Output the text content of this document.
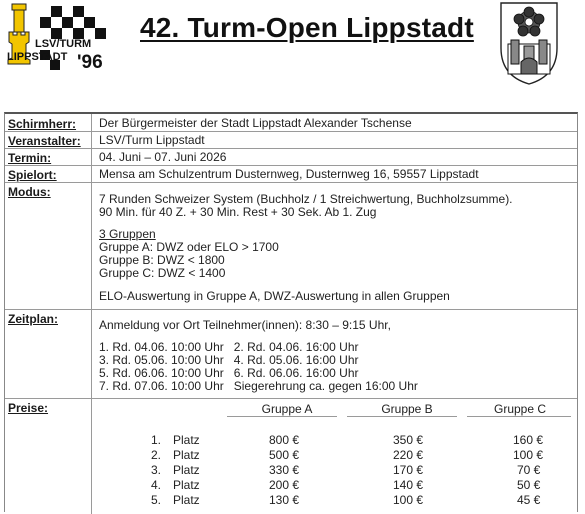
LSV/TURM
LIPPSTADT '96
42. Turm-Open Lippstadt
Schirmherr: Der Bürgermeister der Stadt Lippstadt Alexander Tschense
Veranstalter: LSV/Turm Lippstadt
Termin:	04. Juni – 07. Juni 2026
Spielort:	Mensa am Schulzentrum Dusternweg, Dusternweg 16, 59557 Lippstadt
Modus:	7 Runden Schweizer System (Buchholz / 1 Streichwertung, Buchholzsumme).
90 Min. für 40 Z. + 30 Min. Rest + 30 Sek. Ab 1. Zug
3 Gruppen
Gruppe A: DWZ oder ELO > 1700
Gruppe B: DWZ < 1800
Gruppe C: DWZ < 1400
ELO-Auswertung in Gruppe A, DWZ-Auswertung in allen Gruppen
Zeitplan:	Anmeldung vor Ort Teilnehmer(innen): 8:30 – 9:15 Uhr,
1. Rd. 04.06. 10:00 Uhr   2. Rd. 04.06. 16:00 Uhr
3. Rd. 05.06. 10:00 Uhr   4. Rd. 05.06. 16:00 Uhr
5. Rd. 06.06. 10:00 Uhr   6. Rd. 06.06. 16:00 Uhr
7. Rd. 07.06. 10:00 Uhr   Siegerehrung ca. gegen 16:00 Uhr
Preise:	Gruppe A	Gruppe B	Gruppe C
1. Platz	800 €	350 €	160 €
2. Platz	500 €	220 €	100 €
3. Platz	330 €	170 €	70 €
4. Platz	200 €	140 €	50 €
5. Platz	130 €	100 €	45 €
